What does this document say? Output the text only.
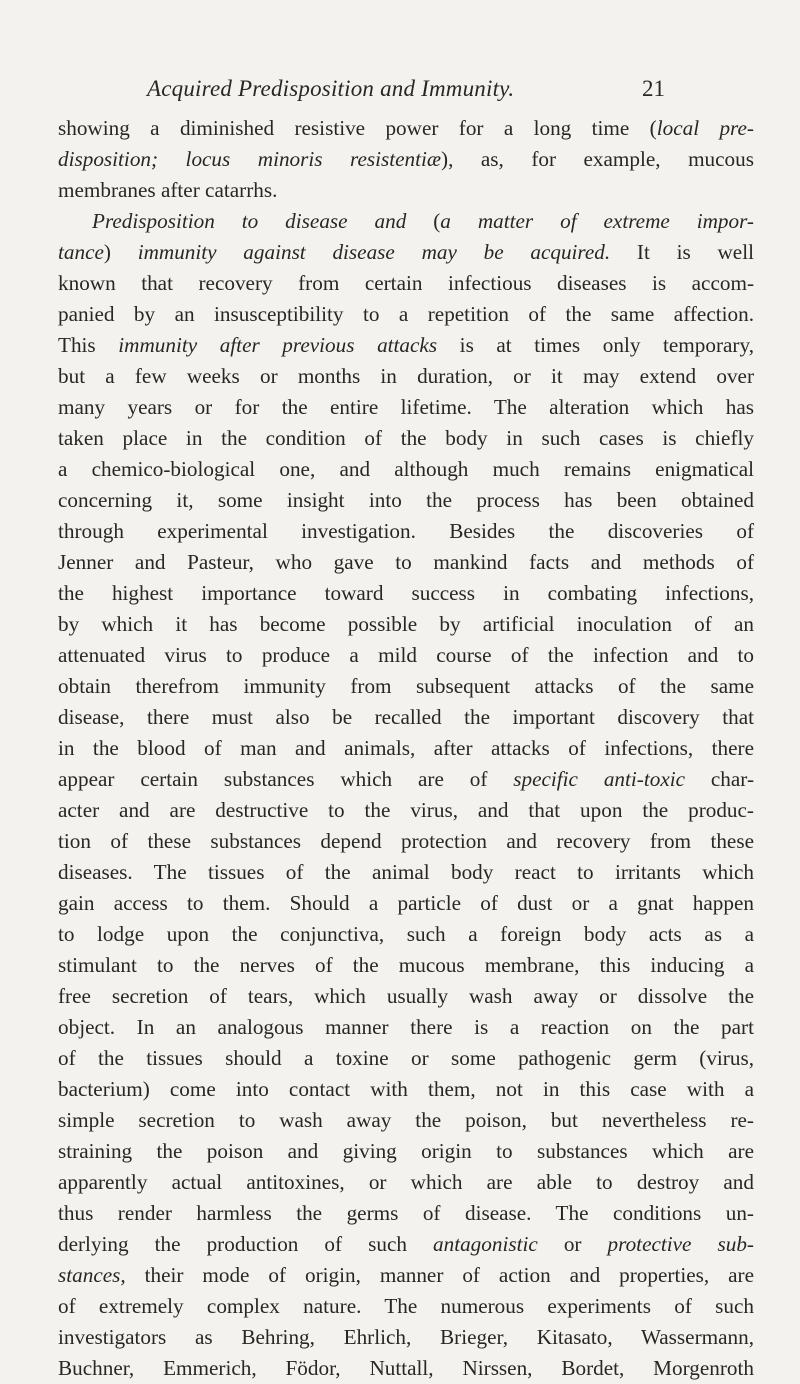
Acquired Predisposition and Immunity.	21
showing a diminished resistive power for a long time (local pre-
disposition; locus minoris resistentiæ), as, for example, mucous
membranes after catarrhs.
Predisposition to disease and (a matter of extreme impor-
tance) immunity against disease may be acquired. It is well
known that recovery from certain infectious diseases is accom-
panied by an insusceptibility to a repetition of the same affection.
This immunity after previous attacks is at times only temporary,
but a few weeks or months in duration, or it may extend over
many years or for the entire lifetime. The alteration which has
taken place in the condition of the body in such cases is chiefly
a chemico-biological one, and although much remains enigmatical
concerning it, some insight into the process has been obtained
through experimental investigation. Besides the discoveries of
Jenner and Pasteur, who gave to mankind facts and methods of
the highest importance toward success in combating infections,
by which it has become possible by artificial inoculation of an
attenuated virus to produce a mild course of the infection and to
obtain therefrom immunity from subsequent attacks of the same
disease, there must also be recalled the important discovery that
in the blood of man and animals, after attacks of infections, there
appear certain substances which are of specific anti-toxic char-
acter and are destructive to the virus, and that upon the produc-
tion of these substances depend protection and recovery from these
diseases. The tissues of the animal body react to irritants which
gain access to them. Should a particle of dust or a gnat happen
to lodge upon the conjunctiva, such a foreign body acts as a
stimulant to the nerves of the mucous membrane, this inducing a
free secretion of tears, which usually wash away or dissolve the
object. In an analogous manner there is a reaction on the part
of the tissues should a toxine or some pathogenic germ (virus,
bacterium) come into contact with them, not in this case with a
simple secretion to wash away the poison, but nevertheless re-
straining the poison and giving origin to substances which are
apparently actual antitoxines, or which are able to destroy and
thus render harmless the germs of disease. The conditions un-
derlying the production of such antagonistic or protective sub-
stances, their mode of origin, manner of action and properties, are
of extremely complex nature. The numerous experiments of such
investigators as Behring, Ehrlich, Brieger, Kitasato, Wassermann,
Buchner, Emmerich, Födor, Nuttall, Nirssen, Bordet, Morgenroth
